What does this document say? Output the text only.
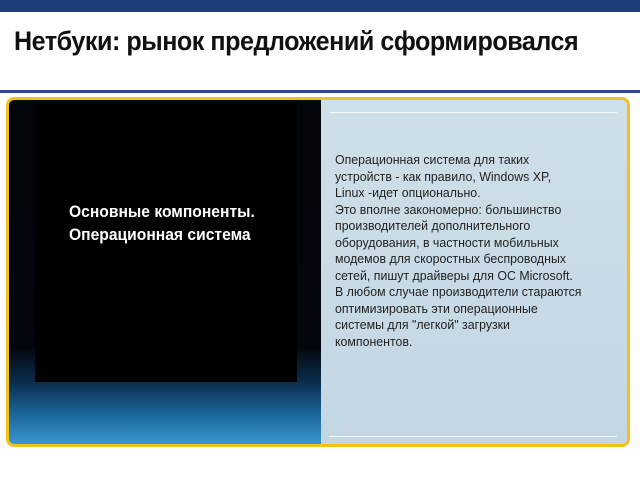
Нетбуки: рынок предложений сформировался
Основные компоненты.
Операционная система
Операционная система для таких
устройств - как правило, Windows XP,
Linux -идет опционально.
Это вполне закономерно: большинство
производителей дополнительного
оборудования, в частности мобильных
модемов для скоростных беспроводных
сетей, пишут драйверы для ОС Microsoft.
В любом случае производители стараются
оптимизировать эти операционные
системы для "легкой" загрузки
компонентов.
